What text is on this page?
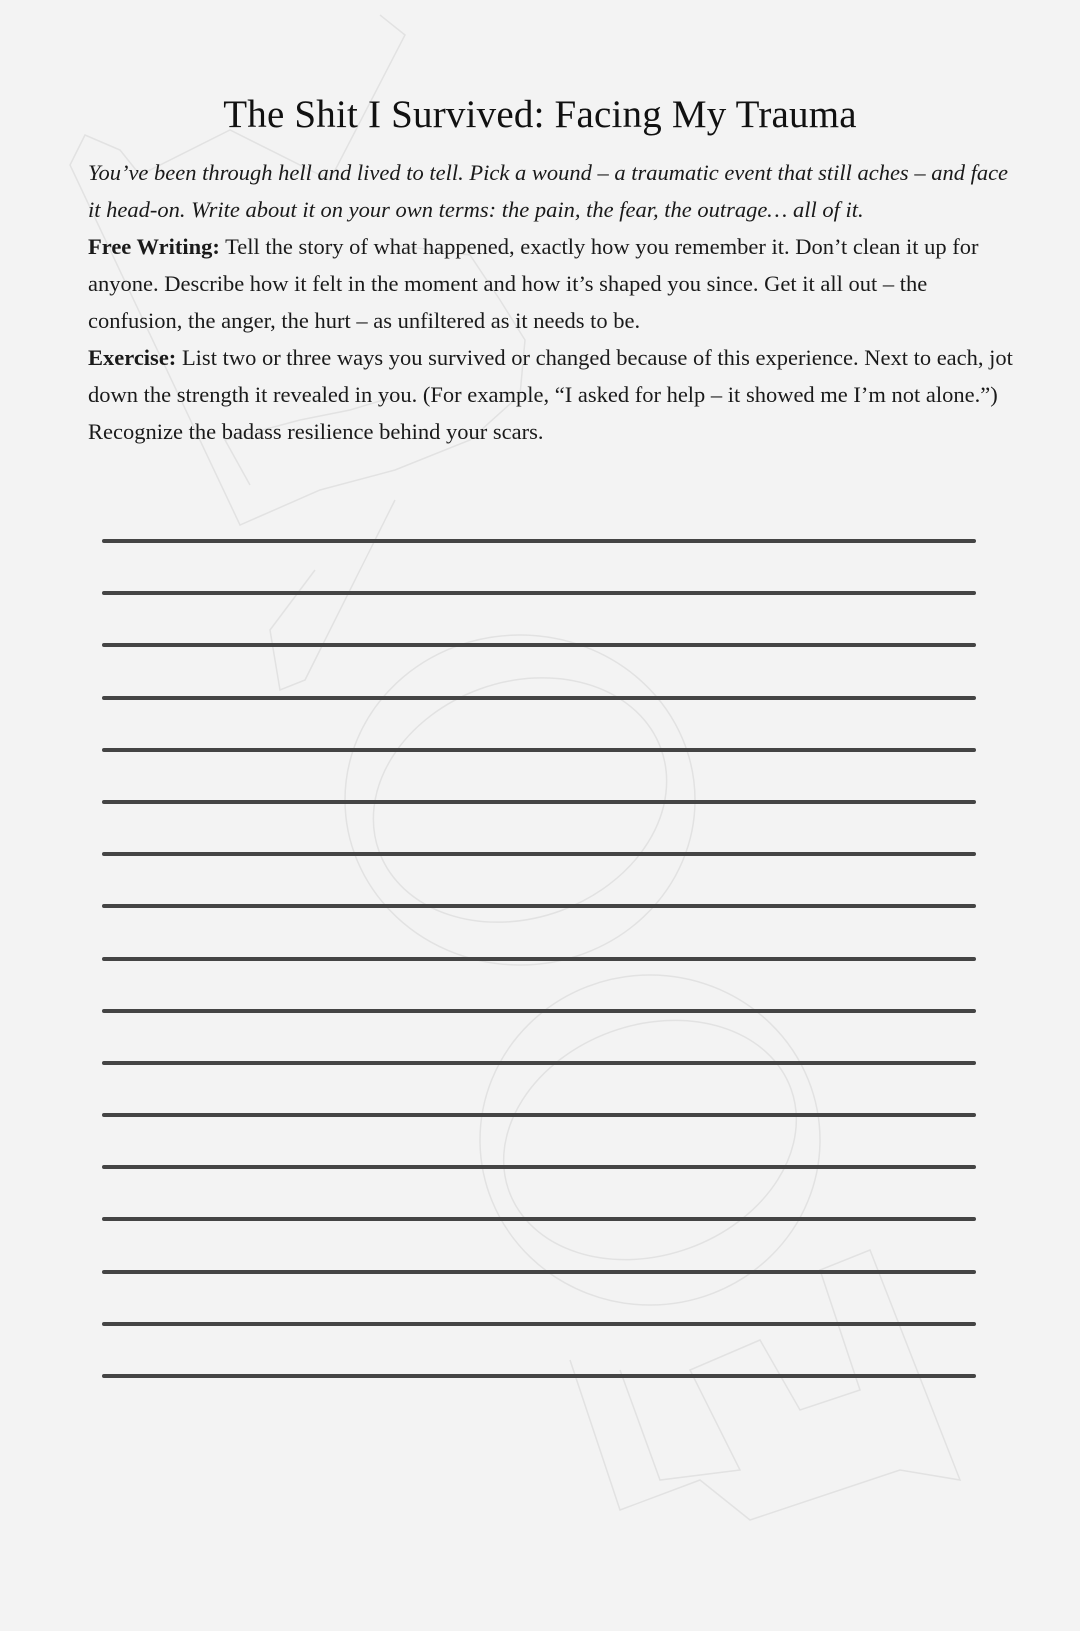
The Shit I Survived: Facing My Trauma

You’ve been through hell and lived to tell. Pick a wound – a traumatic event that still aches – and face it head-on. Write about it on your own terms: the pain, the fear, the outrage… all of it.

Free Writing: Tell the story of what happened, exactly how you remember it. Don’t clean it up for anyone. Describe how it felt in the moment and how it’s shaped you since. Get it all out – the confusion, the anger, the hurt – as unfiltered as it needs to be.

Exercise: List two or three ways you survived or changed because of this experience. Next to each, jot down the strength it revealed in you. (For example, “I asked for help – it showed me I’m not alone.”) Recognize the badass resilience behind your scars.
